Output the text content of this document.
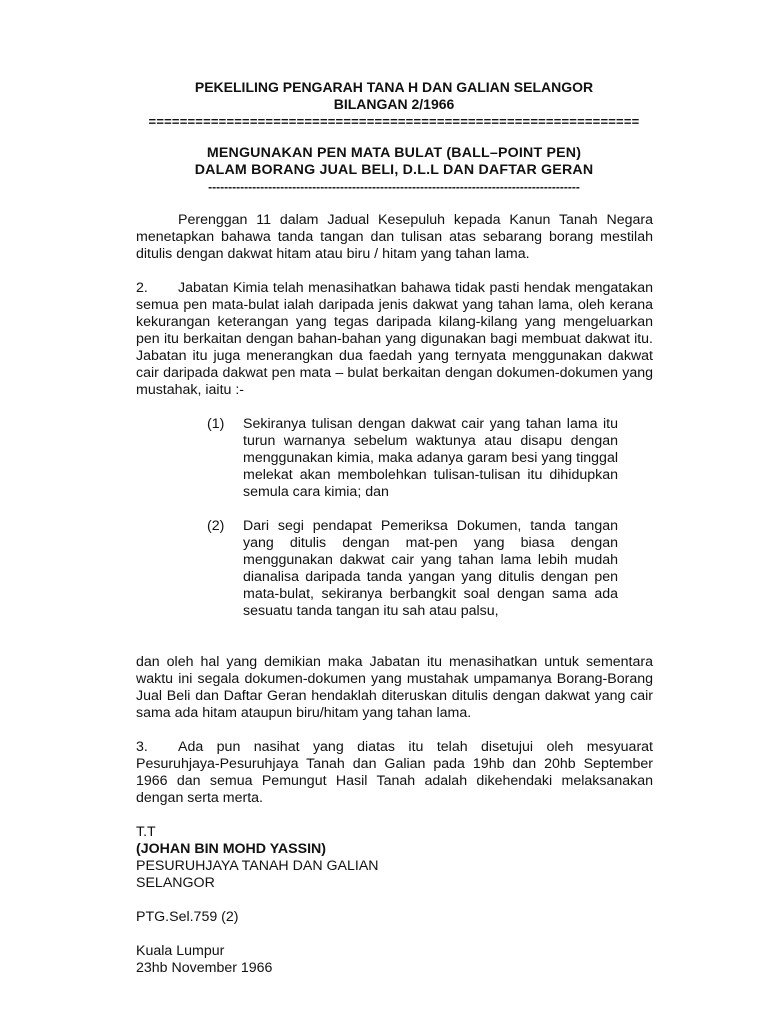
PEKELILING PENGARAH TANA H DAN GALIAN SELANGOR
BILANGAN 2/1966
===============================================================
MENGUNAKAN PEN MATA BULAT (BALL–POINT PEN)
DALAM BORANG JUAL BELI, D.L.L DAN DAFTAR GERAN
---------------------------------------------------------------------------------------------

Perenggan 11 dalam Jadual Kesepuluh kepada Kanun Tanah Negara menetapkan bahawa tanda tangan dan tulisan atas sebarang borang mestilah ditulis dengan dakwat hitam atau biru / hitam yang tahan lama.

2. Jabatan Kimia telah menasihatkan bahawa tidak pasti hendak mengatakan semua pen mata-bulat ialah daripada jenis dakwat yang tahan lama, oleh kerana kekurangan keterangan yang tegas daripada kilang-kilang yang mengeluarkan pen itu berkaitan dengan bahan-bahan yang digunakan bagi membuat dakwat itu. Jabatan itu juga menerangkan dua faedah yang ternyata menggunakan dakwat cair daripada dakwat pen mata – bulat berkaitan dengan dokumen-dokumen yang mustahak, iaitu :-

(1)	Sekiranya tulisan dengan dakwat cair yang tahan lama itu turun warnanya sebelum waktunya atau disapu dengan menggunakan kimia, maka adanya garam besi yang tinggal melekat akan membolehkan tulisan-tulisan itu dihidupkan semula cara kimia; dan
(2)	Dari segi pendapat Pemeriksa Dokumen, tanda tangan yang ditulis dengan mat-pen yang biasa dengan menggunakan dakwat cair yang tahan lama lebih mudah dianalisa daripada tanda yangan yang ditulis dengan pen mata-bulat, sekiranya berbangkit soal dengan sama ada sesuatu tanda tangan itu sah atau palsu,

dan oleh hal yang demikian maka Jabatan itu menasihatkan untuk sementara waktu ini segala dokumen-dokumen yang mustahak umpamanya Borang-Borang Jual Beli dan Daftar Geran hendaklah diteruskan ditulis dengan dakwat yang cair sama ada hitam ataupun biru/hitam yang tahan lama.

3. Ada pun nasihat yang diatas itu telah disetujui oleh mesyuarat Pesuruhjaya-Pesuruhjaya Tanah dan Galian pada 19hb dan 20hb September 1966 dan semua Pemungut Hasil Tanah adalah dikehendaki melaksanakan dengan serta merta.

T.T
(JOHAN BIN MOHD YASSIN)
PESURUHJAYA TANAH DAN GALIAN
SELANGOR
PTG.Sel.759 (2)
Kuala Lumpur
23hb November 1966
